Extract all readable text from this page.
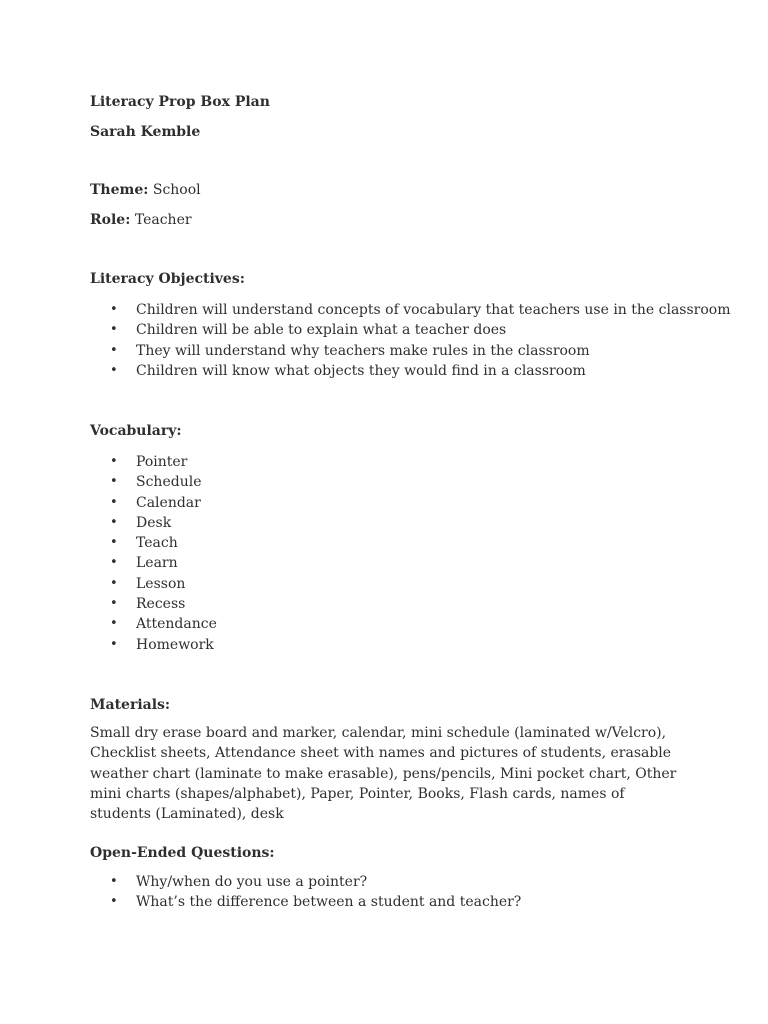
Literacy Prop Box Plan
Sarah Kemble
Theme: School
Role: Teacher
Literacy Objectives:
• Children will understand concepts of vocabulary that teachers use in the classroom
• Children will be able to explain what a teacher does
• They will understand why teachers make rules in the classroom
• Children will know what objects they would find in a classroom
Vocabulary:
• Pointer
• Schedule
• Calendar
• Desk
• Teach
• Learn
• Lesson
• Recess
• Attendance
• Homework
Materials:
Small dry erase board and marker, calendar, mini schedule (laminated w/Velcro), Checklist sheets, Attendance sheet with names and pictures of students, erasable weather chart (laminate to make erasable), pens/pencils, Mini pocket chart, Other mini charts (shapes/alphabet), Paper, Pointer, Books, Flash cards, names of students (Laminated), desk
Open-Ended Questions:
• Why/when do you use a pointer?
• What’s the difference between a student and teacher?
